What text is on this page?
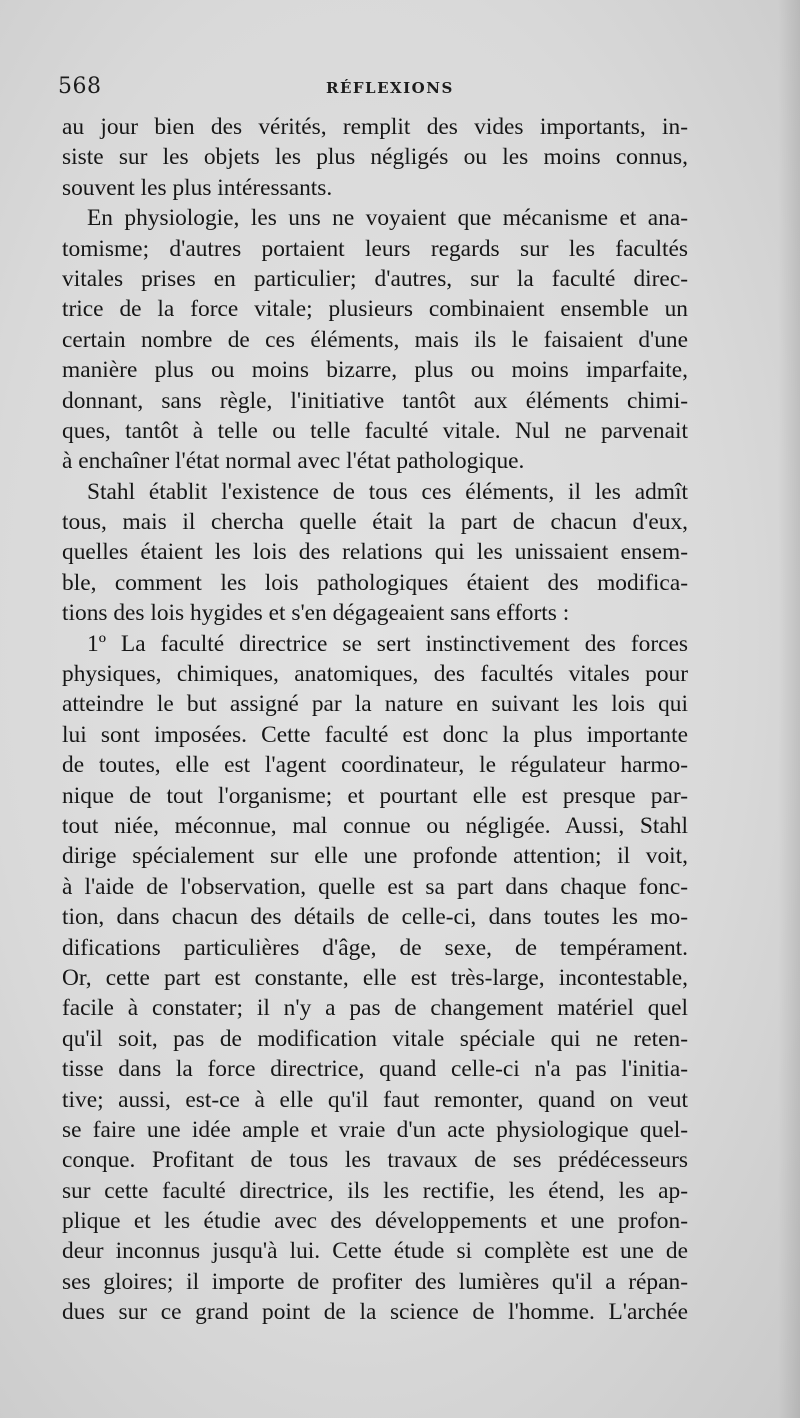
568	RÉFLEXIONS
au jour bien des vérités, remplit des vides importants, in-
siste sur les objets les plus négligés ou les moins connus,
souvent les plus intéressants.
En physiologie, les uns ne voyaient que mécanisme et ana-
tomisme; d'autres portaient leurs regards sur les facultés
vitales prises en particulier; d'autres, sur la faculté direc-
trice de la force vitale; plusieurs combinaient ensemble un
certain nombre de ces éléments, mais ils le faisaient d'une
manière plus ou moins bizarre, plus ou moins imparfaite,
donnant, sans règle, l'initiative tantôt aux éléments chimi-
ques, tantôt à telle ou telle faculté vitale. Nul ne parvenait
à enchaîner l'état normal avec l'état pathologique.
Stahl établit l'existence de tous ces éléments, il les admît
tous, mais il chercha quelle était la part de chacun d'eux,
quelles étaient les lois des relations qui les unissaient ensem-
ble, comment les lois pathologiques étaient des modifica-
tions des lois hygides et s'en dégageaient sans efforts :
1º La faculté directrice se sert instinctivement des forces
physiques, chimiques, anatomiques, des facultés vitales pour
atteindre le but assigné par la nature en suivant les lois qui
lui sont imposées. Cette faculté est donc la plus importante
de toutes, elle est l'agent coordinateur, le régulateur harmo-
nique de tout l'organisme; et pourtant elle est presque par-
tout niée, méconnue, mal connue ou négligée. Aussi, Stahl
dirige spécialement sur elle une profonde attention; il voit,
à l'aide de l'observation, quelle est sa part dans chaque fonc-
tion, dans chacun des détails de celle-ci, dans toutes les mo-
difications particulières d'âge, de sexe, de tempérament.
Or, cette part est constante, elle est très-large, incontestable,
facile à constater; il n'y a pas de changement matériel quel
qu'il soit, pas de modification vitale spéciale qui ne reten-
tisse dans la force directrice, quand celle-ci n'a pas l'initia-
tive; aussi, est-ce à elle qu'il faut remonter, quand on veut
se faire une idée ample et vraie d'un acte physiologique quel-
conque. Profitant de tous les travaux de ses prédécesseurs
sur cette faculté directrice, ils les rectifie, les étend, les ap-
plique et les étudie avec des développements et une profon-
deur inconnus jusqu'à lui. Cette étude si complète est une de
ses gloires; il importe de profiter des lumières qu'il a répan-
dues sur ce grand point de la science de l'homme. L'archée
